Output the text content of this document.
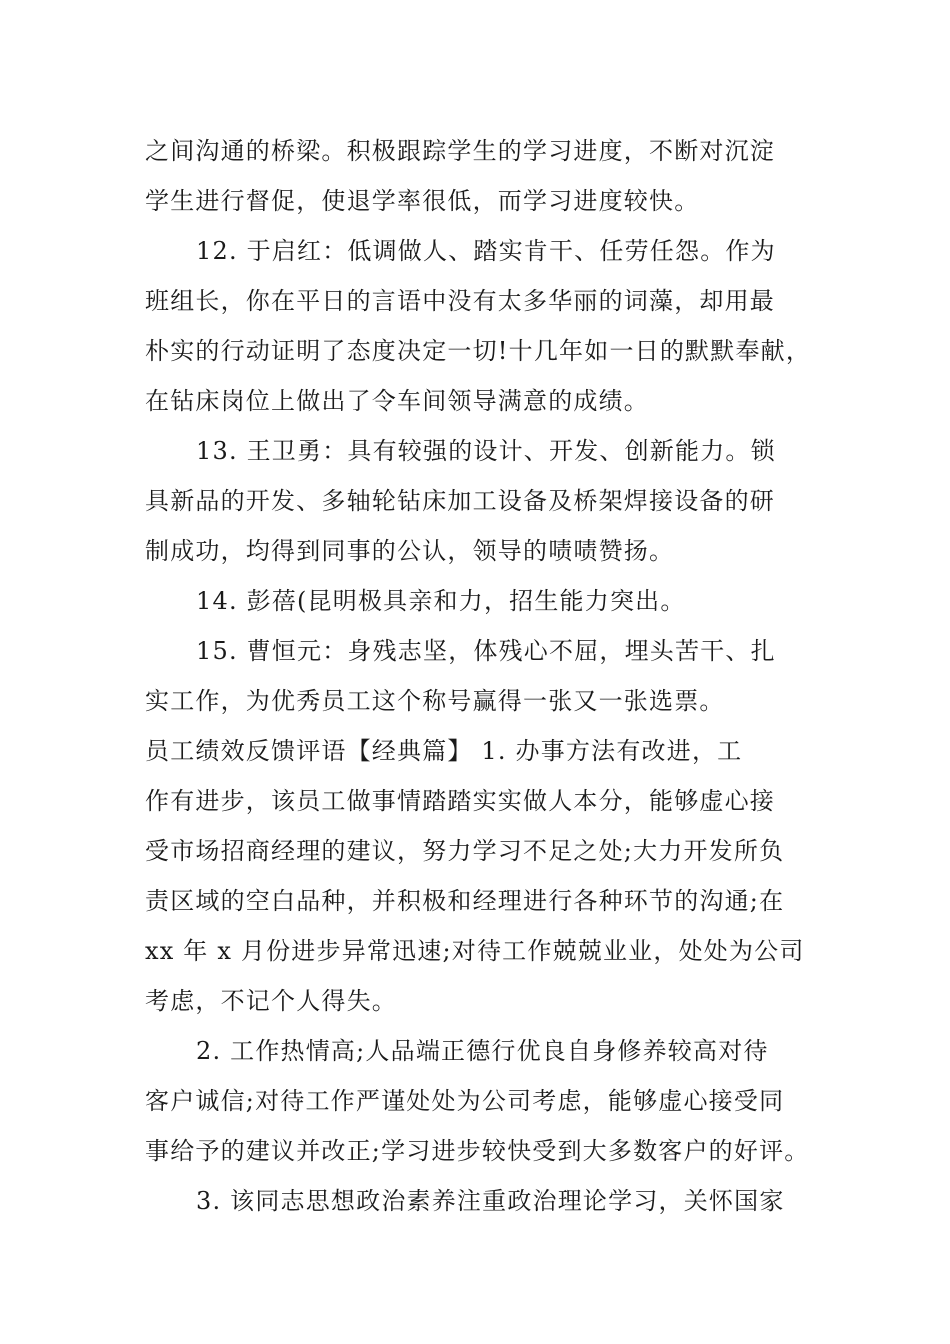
之间沟通的桥梁。积极跟踪学生的学习进度，不断对沉淀
学生进行督促，使退学率很低，而学习进度较快。
12. 于启红：低调做人、踏实肯干、任劳任怨。作为
班组长，你在平日的言语中没有太多华丽的词藻，却用最
朴实的行动证明了态度决定一切!十几年如一日的默默奉献，
在钻床岗位上做出了令车间领导满意的成绩。
13. 王卫勇：具有较强的设计、开发、创新能力。锁
具新品的开发、多轴轮钻床加工设备及桥架焊接设备的研
制成功，均得到同事的公认，领导的啧啧赞扬。
14. 彭蓓(昆明极具亲和力，招生能力突出。
15. 曹恒元：身残志坚，体残心不屈，埋头苦干、扎
实工作，为优秀员工这个称号赢得一张又一张选票。
员工绩效反馈评语【经典篇】 1. 办事方法有改进，工
作有进步，该员工做事情踏踏实实做人本分，能够虚心接
受市场招商经理的建议，努力学习不足之处;大力开发所负
责区域的空白品种，并积极和经理进行各种环节的沟通;在
xx 年 x 月份进步异常迅速;对待工作兢兢业业，处处为公司
考虑，不记个人得失。
2. 工作热情高;人品端正德行优良自身修养较高对待
客户诚信;对待工作严谨处处为公司考虑，能够虚心接受同
事给予的建议并改正;学习进步较快受到大多数客户的好评。
3. 该同志思想政治素养注重政治理论学习，关怀国家
